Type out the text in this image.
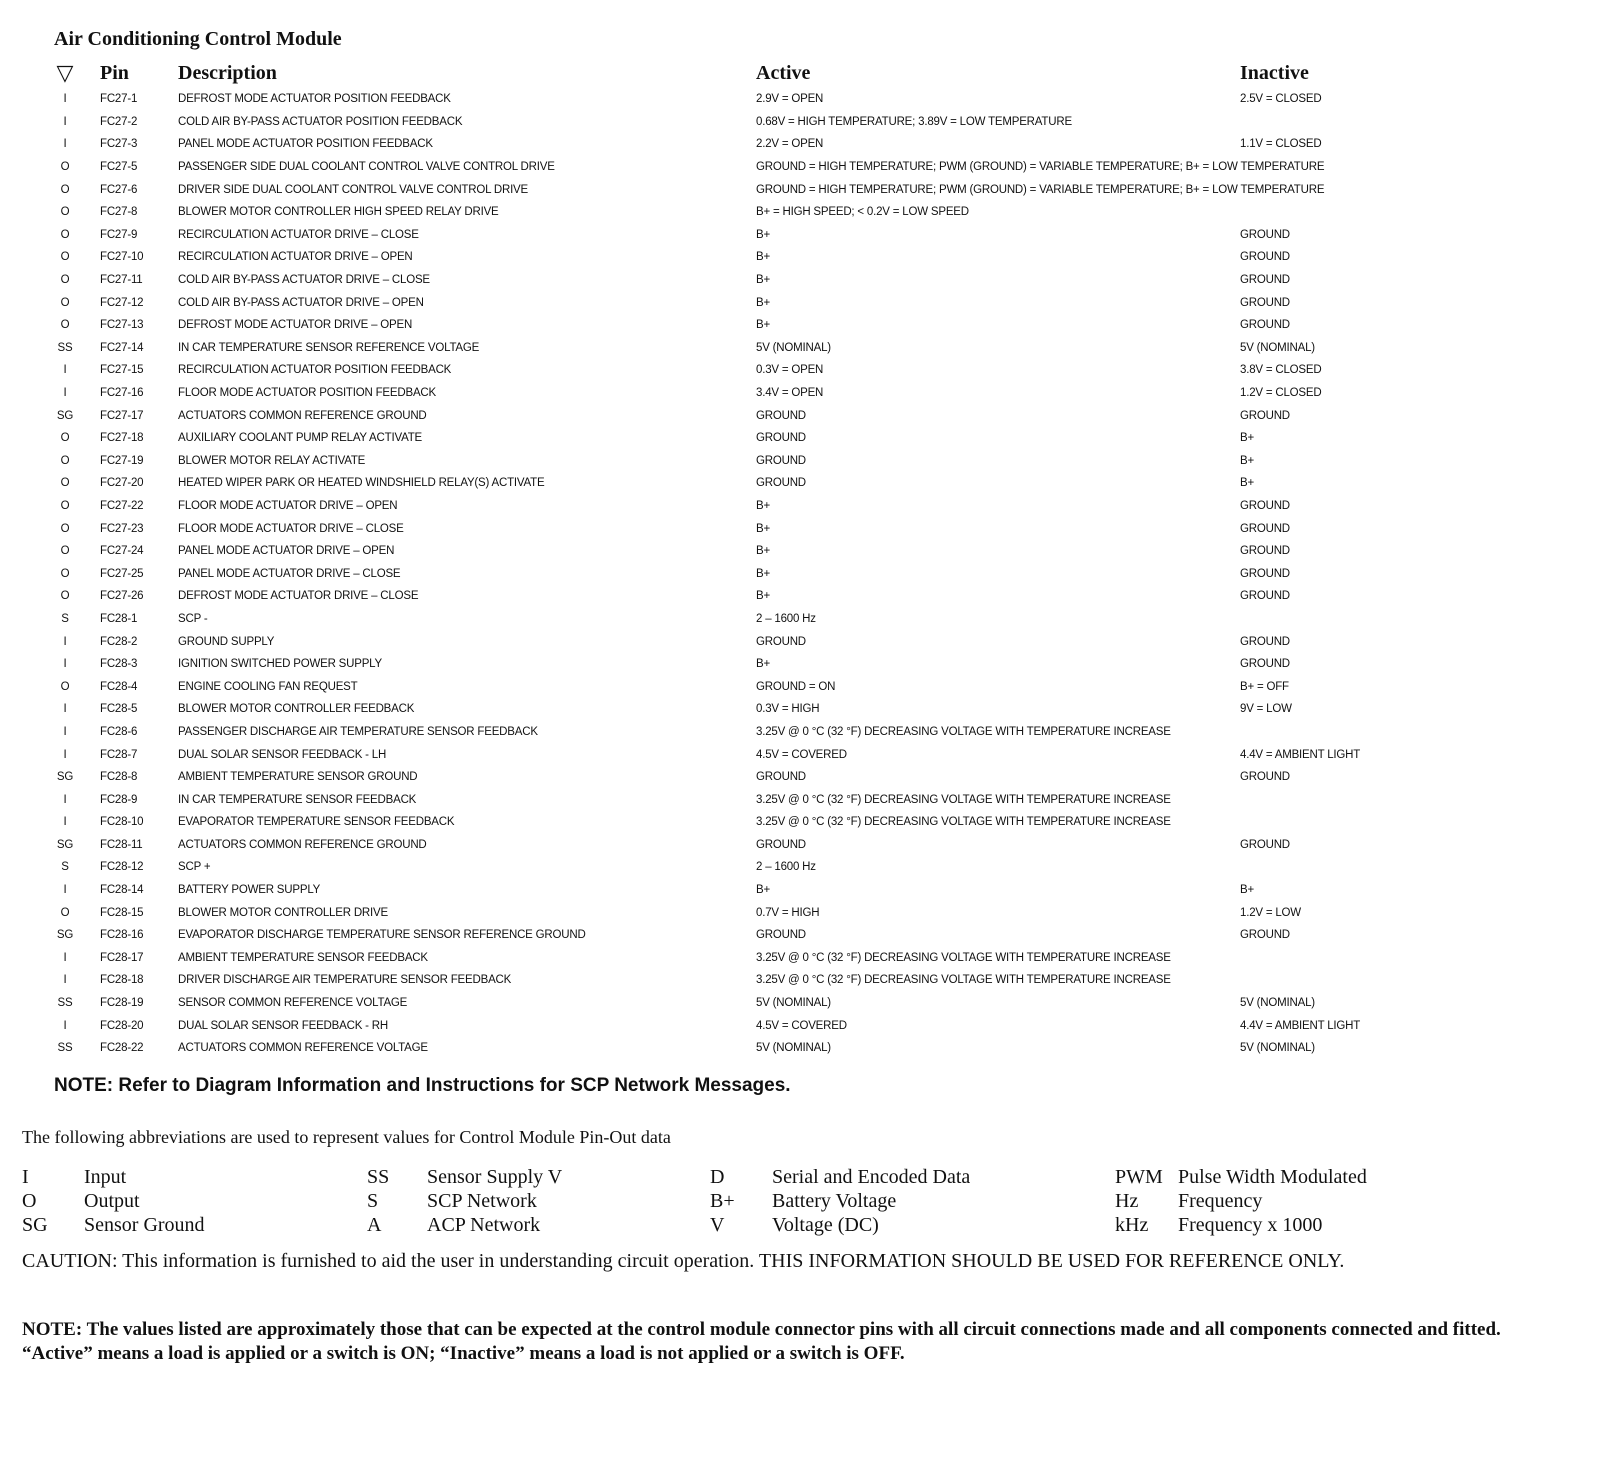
Air Conditioning Control Module
▽		Pin	Description	Active	Inactive
I		FC27-1	DEFROST MODE ACTUATOR POSITION FEEDBACK	2.9V = OPEN	2.5V = CLOSED
I		FC27-2	COLD AIR BY-PASS ACTUATOR POSITION FEEDBACK	0.68V = HIGH TEMPERATURE; 3.89V = LOW TEMPERATURE	
I		FC27-3	PANEL MODE ACTUATOR POSITION FEEDBACK	2.2V = OPEN	1.1V = CLOSED
O		FC27-5	PASSENGER SIDE DUAL COOLANT CONTROL VALVE CONTROL DRIVE	GROUND = HIGH TEMPERATURE; PWM (GROUND) = VARIABLE TEMPERATURE; B+ = LOW TEMPERATURE	
O		FC27-6	DRIVER SIDE DUAL COOLANT CONTROL VALVE CONTROL DRIVE	GROUND = HIGH TEMPERATURE; PWM (GROUND) = VARIABLE TEMPERATURE; B+ = LOW TEMPERATURE	
O		FC27-8	BLOWER MOTOR CONTROLLER HIGH SPEED RELAY DRIVE	B+ = HIGH SPEED; < 0.2V = LOW SPEED	
O		FC27-9	RECIRCULATION ACTUATOR DRIVE – CLOSE	B+	GROUND
O		FC27-10	RECIRCULATION ACTUATOR DRIVE – OPEN	B+	GROUND
O		FC27-11	COLD AIR BY-PASS ACTUATOR DRIVE – CLOSE	B+	GROUND
O		FC27-12	COLD AIR BY-PASS ACTUATOR DRIVE – OPEN	B+	GROUND
O		FC27-13	DEFROST MODE ACTUATOR DRIVE – OPEN	B+	GROUND
SS		FC27-14	IN CAR TEMPERATURE SENSOR REFERENCE VOLTAGE	5V (NOMINAL)	5V (NOMINAL)
I		FC27-15	RECIRCULATION ACTUATOR POSITION FEEDBACK	0.3V = OPEN	3.8V = CLOSED
I		FC27-16	FLOOR MODE ACTUATOR POSITION FEEDBACK	3.4V = OPEN	1.2V = CLOSED
SG		FC27-17	ACTUATORS COMMON REFERENCE GROUND	GROUND	GROUND
O		FC27-18	AUXILIARY COOLANT PUMP RELAY ACTIVATE	GROUND	B+
O		FC27-19	BLOWER MOTOR RELAY ACTIVATE	GROUND	B+
O		FC27-20	HEATED WIPER PARK OR HEATED WINDSHIELD RELAY(S) ACTIVATE	GROUND	B+
O		FC27-22	FLOOR MODE ACTUATOR DRIVE – OPEN	B+	GROUND
O		FC27-23	FLOOR MODE ACTUATOR DRIVE – CLOSE	B+	GROUND
O		FC27-24	PANEL MODE ACTUATOR DRIVE – OPEN	B+	GROUND
O		FC27-25	PANEL MODE ACTUATOR DRIVE – CLOSE	B+	GROUND
O		FC27-26	DEFROST MODE ACTUATOR DRIVE – CLOSE	B+	GROUND
S		FC28-1	SCP -	2 – 1600 Hz	
I		FC28-2	GROUND SUPPLY	GROUND	GROUND
I		FC28-3	IGNITION SWITCHED POWER SUPPLY	B+	GROUND
O		FC28-4	ENGINE COOLING FAN REQUEST	GROUND = ON	B+ = OFF
I		FC28-5	BLOWER MOTOR CONTROLLER FEEDBACK	0.3V = HIGH	9V = LOW
I		FC28-6	PASSENGER DISCHARGE AIR TEMPERATURE SENSOR FEEDBACK	3.25V @ 0 °C (32 °F) DECREASING VOLTAGE WITH TEMPERATURE INCREASE	
I		FC28-7	DUAL SOLAR SENSOR FEEDBACK - LH	4.5V = COVERED	4.4V = AMBIENT LIGHT
SG		FC28-8	AMBIENT TEMPERATURE SENSOR GROUND	GROUND	GROUND
I		FC28-9	IN CAR TEMPERATURE SENSOR FEEDBACK	3.25V @ 0 °C (32 °F) DECREASING VOLTAGE WITH TEMPERATURE INCREASE	
I		FC28-10	EVAPORATOR TEMPERATURE SENSOR FEEDBACK	3.25V @ 0 °C (32 °F) DECREASING VOLTAGE WITH TEMPERATURE INCREASE	
SG		FC28-11	ACTUATORS COMMON REFERENCE GROUND	GROUND	GROUND
S		FC28-12	SCP +	2 – 1600 Hz	
I		FC28-14	BATTERY POWER SUPPLY	B+	B+
O		FC28-15	BLOWER MOTOR CONTROLLER DRIVE	0.7V = HIGH	1.2V = LOW
SG		FC28-16	EVAPORATOR DISCHARGE TEMPERATURE SENSOR REFERENCE GROUND	GROUND	GROUND
I		FC28-17	AMBIENT TEMPERATURE SENSOR FEEDBACK	3.25V @ 0 °C (32 °F) DECREASING VOLTAGE WITH TEMPERATURE INCREASE	
I		FC28-18	DRIVER DISCHARGE AIR TEMPERATURE SENSOR FEEDBACK	3.25V @ 0 °C (32 °F) DECREASING VOLTAGE WITH TEMPERATURE INCREASE	
SS		FC28-19	SENSOR COMMON REFERENCE VOLTAGE	5V (NOMINAL)	5V (NOMINAL)
I		FC28-20	DUAL SOLAR SENSOR FEEDBACK - RH	4.5V = COVERED	4.4V = AMBIENT LIGHT
SS		FC28-22	ACTUATORS COMMON REFERENCE VOLTAGE	5V (NOMINAL)	5V (NOMINAL)
NOTE: Refer to Diagram Information and Instructions for SCP Network Messages.
The following abbreviations are used to represent values for Control Module Pin-Out data
I	Input	SS Sensor Supply V	D Serial and Encoded Data	PWM Pulse Width Modulated
O Output	S SCP Network	B+ Battery Voltage	Hz Frequency
SG Sensor Ground	A ACP Network	V Voltage (DC)	kHz Frequency x 1000
CAUTION: This information is furnished to aid the user in understanding circuit operation. THIS INFORMATION SHOULD BE USED FOR REFERENCE ONLY.
NOTE: The values listed are approximately those that can be expected at the control module connector pins with all circuit connections made and all components connected and fitted. “Active” means a load is applied or a switch is ON; “Inactive” means a load is not applied or a switch is OFF.
